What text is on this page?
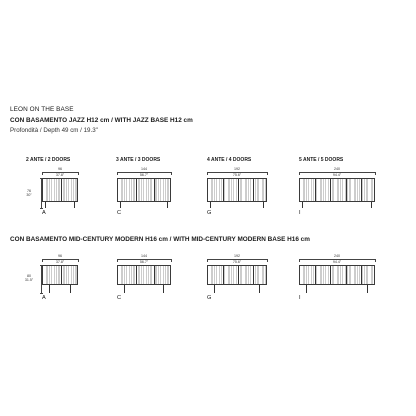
LEON ON THE BASE
CON BASAMENTO JAZZ H12 cm / WITH JAZZ BASE H12 cm
Profondità / Depth 49 cm / 19.3"
2 ANTE / 2 DOORS	3 ANTE / 3 DOORS	4 ANTE / 4 DOORS	5 ANTE / 5 DOORS
76
30"
96
37.8"
144
56.7"
192
75.6"
240
94.4"
A	C	G	I
CON BASAMENTO MID-CENTURY MODERN H16 cm / WITH MID-CENTURY MODERN BASE H16 cm
80
31.5"
96
37.8"
144
56.7"
192
75.6"
240
94.4"
A	C	G	I
